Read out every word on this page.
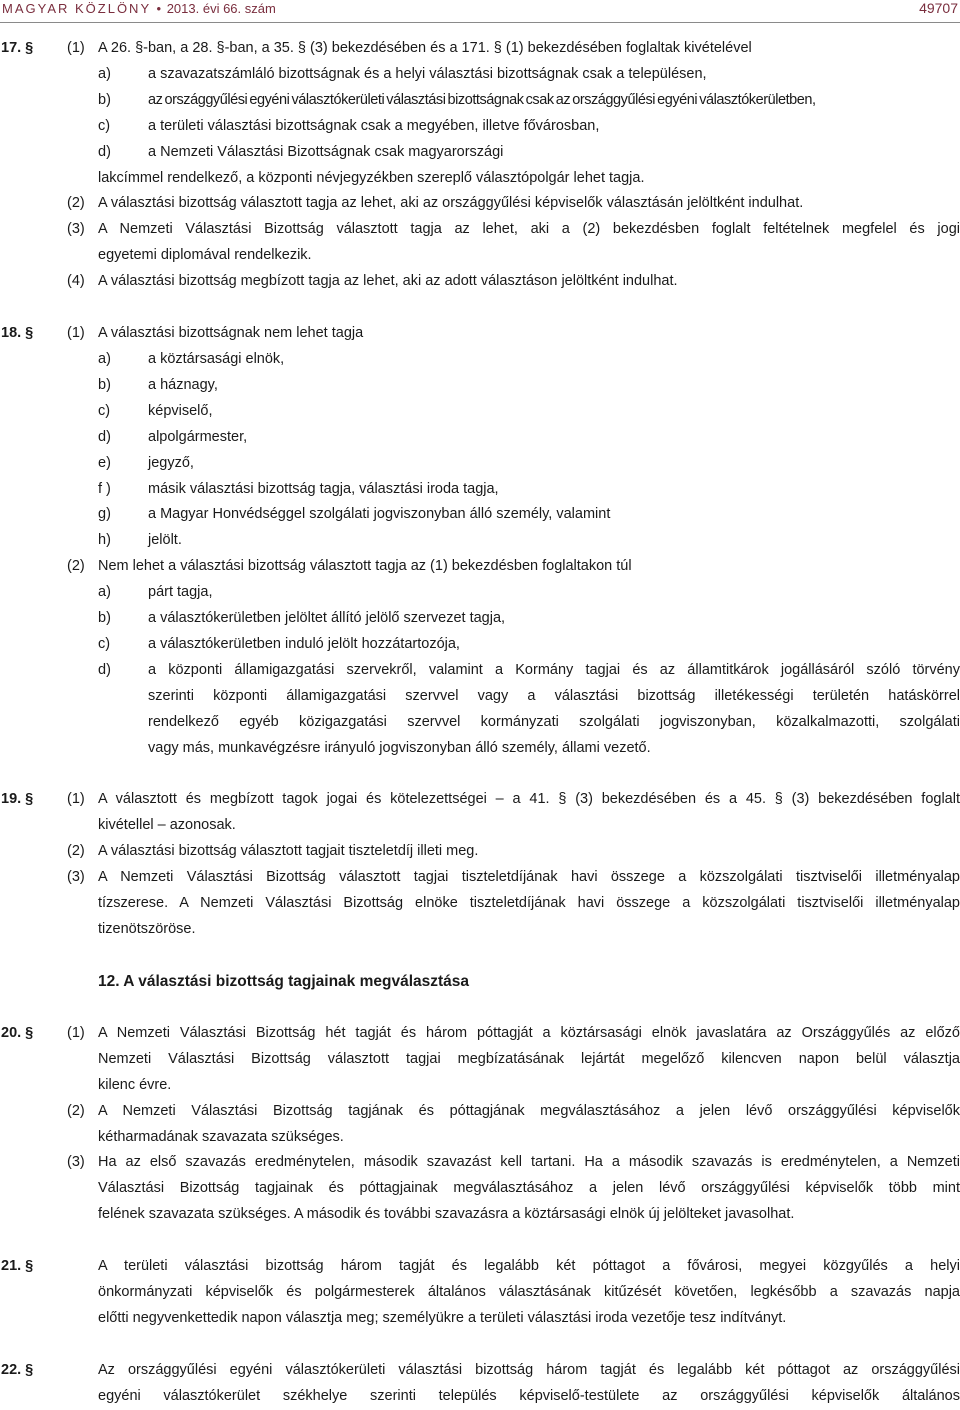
MAGYAR KÖZLÖNY • 2013. évi 66. szám	49707
17. § (1) A 26. §-ban, a 28. §-ban, a 35. § (3) bekezdésében és a 171. § (1) bekezdésében foglaltak kivételével
a)	a szavazatszámláló bizottságnak és a helyi választási bizottságnak csak a településen,
b)	az országgyűlési egyéni választókerületi választási bizottságnak csak az országgyűlési egyéni választókerületben,
c)	a területi választási bizottságnak csak a megyében, illetve fővárosban,
d)	a Nemzeti Választási Bizottságnak csak magyarországi
lakcímmel rendelkező, a központi névjegyzékben szereplő választópolgár lehet tagja.
(2) A választási bizottság választott tagja az lehet, aki az országgyűlési képviselők választásán jelöltként indulhat.
(3) A Nemzeti Választási Bizottság választott tagja az lehet, aki a (2) bekezdésben foglalt feltételnek megfelel és jogi
egyetemi diplomával rendelkezik.
(4) A választási bizottság megbízott tagja az lehet, aki az adott választáson jelöltként indulhat.
18. § (1) A választási bizottságnak nem lehet tagja
a)	a köztársasági elnök,
b)	a háznagy,
c)	képviselő,
d)	alpolgármester,
e)	jegyző,
f )	másik választási bizottság tagja, választási iroda tagja,
g)	a Magyar Honvédséggel szolgálati jogviszonyban álló személy, valamint
h)	jelölt.
(2) Nem lehet a választási bizottság választott tagja az (1) bekezdésben foglaltakon túl
a)	párt tagja,
b)	a választókerületben jelöltet állító jelölő szervezet tagja,
c)	a választókerületben induló jelölt hozzátartozója,
d)	a központi államigazgatási szervekről, valamint a Kormány tagjai és az államtitkárok jogállásáról szóló törvény
szerinti központi államigazgatási szervvel vagy a választási bizottság illetékességi területén hatáskörrel
rendelkező egyéb közigazgatási szervvel kormányzati szolgálati jogviszonyban, közalkalmazotti, szolgálati
vagy más, munkavégzésre irányuló jogviszonyban álló személy, állami vezető.
19. § (1) A választott és megbízott tagok jogai és kötelezettségei – a 41. § (3) bekezdésében és a 45. § (3) bekezdésében foglalt
kivétellel – azonosak.
(2) A választási bizottság választott tagjait tiszteletdíj illeti meg.
(3) A Nemzeti Választási Bizottság választott tagjai tiszteletdíjának havi összege a közszolgálati tisztviselői illetményalap
tízszerese. A Nemzeti Választási Bizottság elnöke tiszteletdíjának havi összege a közszolgálati tisztviselői illetményalap
tizenötszöröse.
12. A választási bizottság tagjainak megválasztása
20. § (1) A Nemzeti Választási Bizottság hét tagját és három póttagját a köztársasági elnök javaslatára az Országgyűlés az előző
Nemzeti Választási Bizottság választott tagjai megbízatásának lejártát megelőző kilencven napon belül választja
kilenc évre.
(2) A Nemzeti Választási Bizottság tagjának és póttagjának megválasztásához a jelen lévő országgyűlési képviselők
kétharmadának szavazata szükséges.
(3) Ha az első szavazás eredménytelen, második szavazást kell tartani. Ha a második szavazás is eredménytelen, a Nemzeti
Választási Bizottság tagjainak és póttagjainak megválasztásához a jelen lévő országgyűlési képviselők több mint
felének szavazata szükséges. A második és további szavazásra a köztársasági elnök új jelölteket javasolhat.
21. §	A területi választási bizottság három tagját és legalább két póttagot a fővárosi, megyei közgyűlés a helyi
önkormányzati képviselők és polgármesterek általános választásának kitűzését követően, legkésőbb a szavazás napja
előtti negyvenkettedik napon választja meg; személyükre a területi választási iroda vezetője tesz indítványt.
22. §	Az országgyűlési egyéni választókerületi választási bizottság három tagját és legalább két póttagot az országgyűlési
egyéni választókerület székhelye szerinti település képviselő-testülete az országgyűlési képviselők általános
